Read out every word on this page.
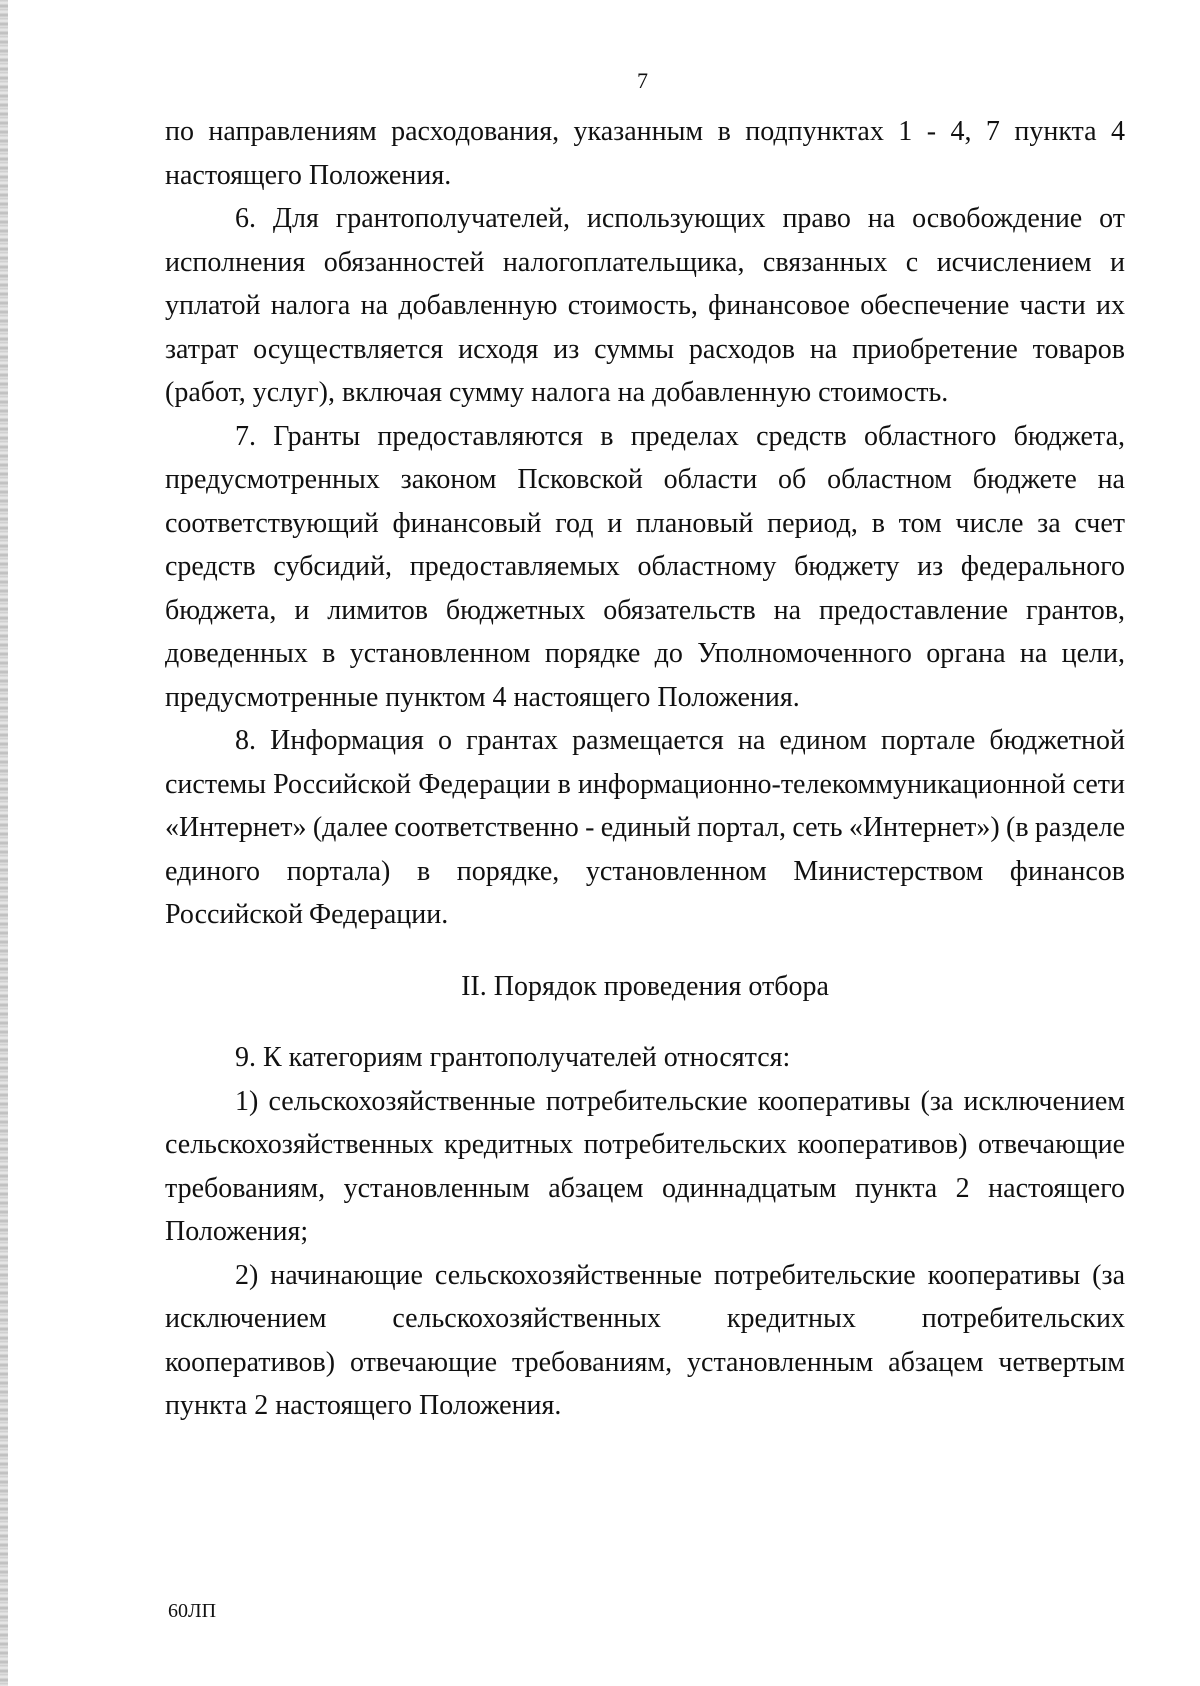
7

по направлениям расходования, указанным в подпунктах 1 - 4, 7 пункта 4 настоящего Положения.

6. Для грантополучателей, использующих право на освобождение от исполнения обязанностей налогоплательщика, связанных с исчислением и уплатой налога на добавленную стоимость, финансовое обеспечение части их затрат осуществляется исходя из суммы расходов на приобретение товаров (работ, услуг), включая сумму налога на добавленную стоимость.

7. Гранты предоставляются в пределах средств областного бюджета, предусмотренных законом Псковской области об областном бюджете на соответствующий финансовый год и плановый период, в том числе за счет средств субсидий, предоставляемых областному бюджету из федерального бюджета, и лимитов бюджетных обязательств на предоставление грантов, доведенных в установленном порядке до Уполномоченного органа на цели, предусмотренные пунктом 4 настоящего Положения.

8. Информация о грантах размещается на едином портале бюджетной системы Российской Федерации в информационно-телекоммуникационной сети «Интернет» (далее соответственно - единый портал, сеть «Интернет») (в разделе единого портала) в порядке, установленном Министерством финансов Российской Федерации.

II. Порядок проведения отбора

9. К категориям грантополучателей относятся:

1) сельскохозяйственные потребительские кооперативы (за исключением сельскохозяйственных кредитных потребительских кооперативов) отвечающие требованиям, установленным абзацем одиннадцатым пункта 2 настоящего Положения;

2) начинающие сельскохозяйственные потребительские кооперативы (за исключением сельскохозяйственных кредитных потребительских кооперативов) отвечающие требованиям, установленным абзацем четвертым пункта 2 настоящего Положения.

60ЛП
